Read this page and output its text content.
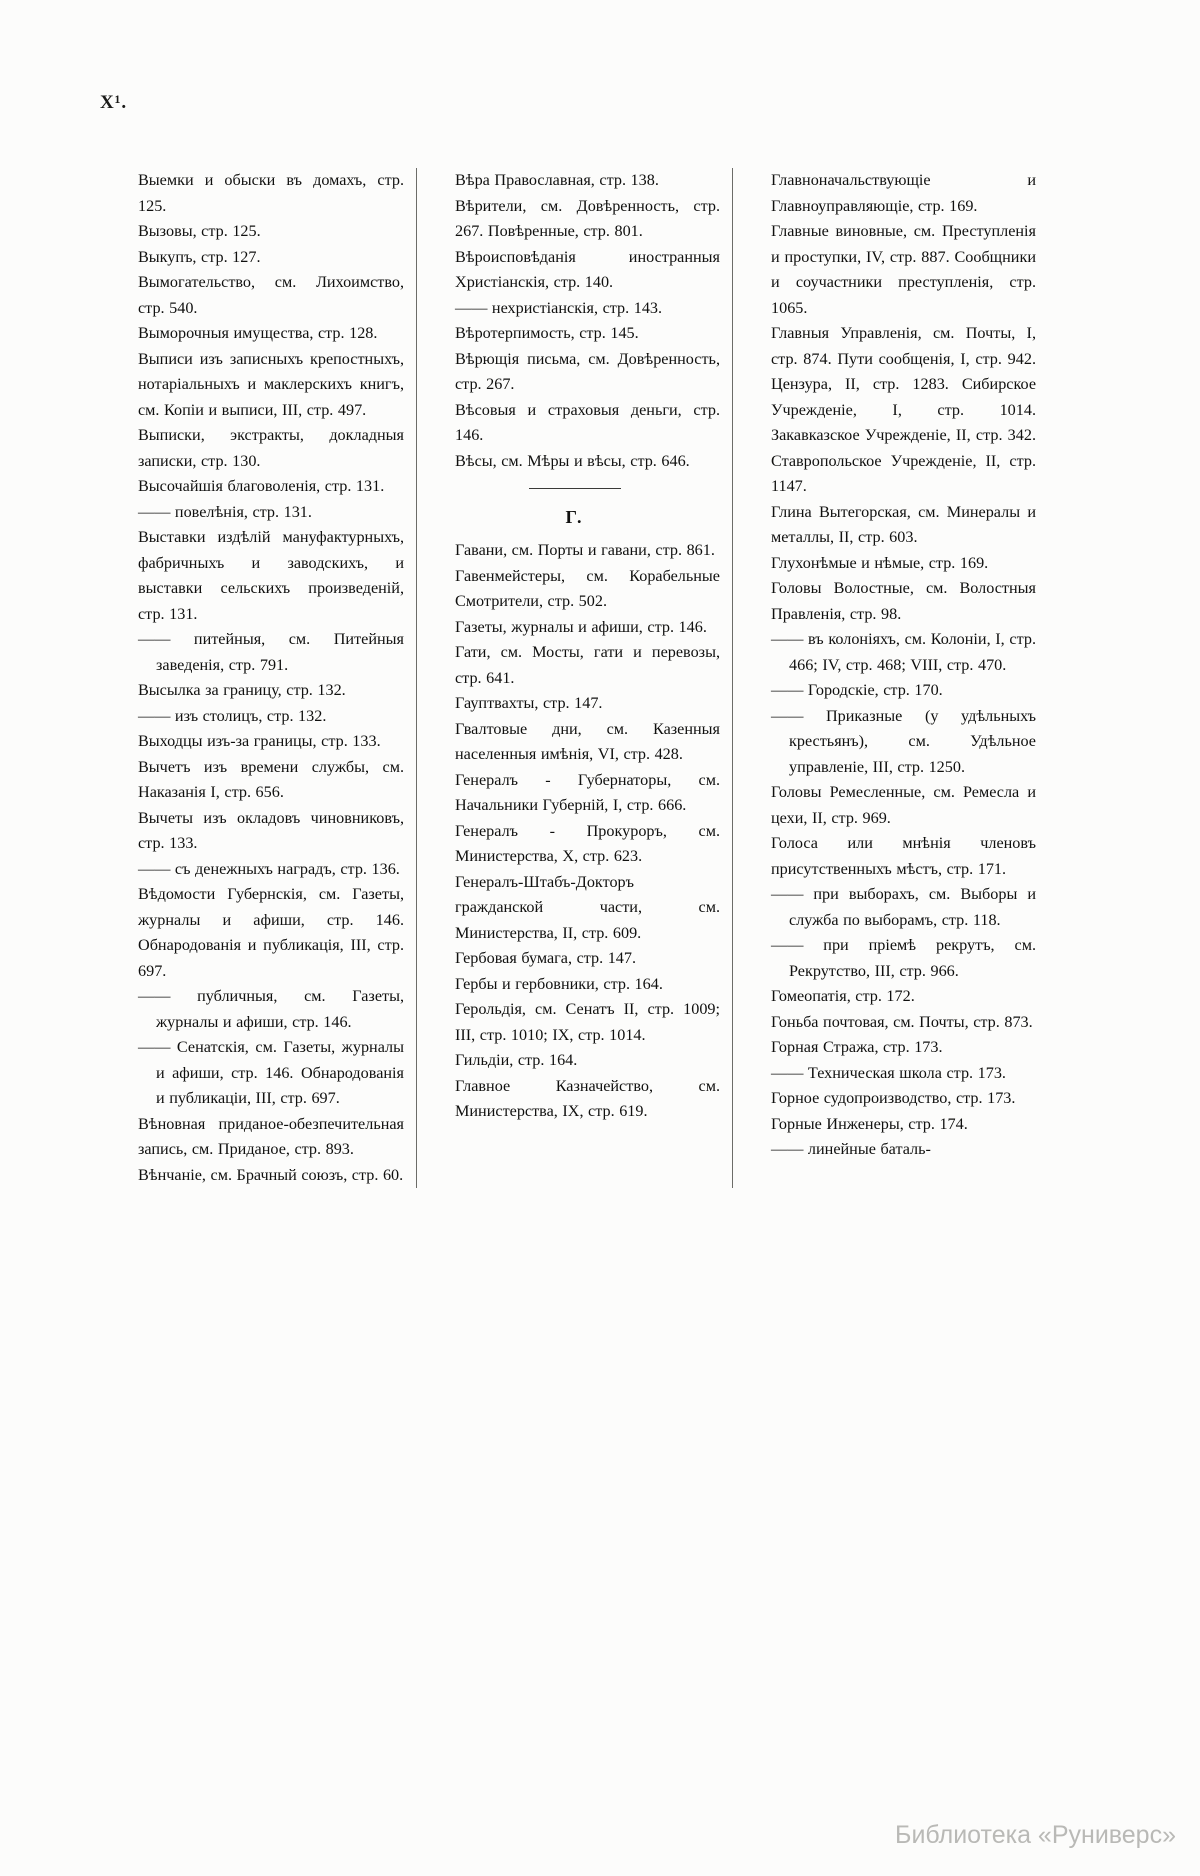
X¹.

Выемки и обыски въ домахъ, стр. 125.

Вызовы, стр. 125.

Выкупъ, стр. 127.

Вымогательство, см. Лихоимство, стр. 540.

Выморочныя имущества, стр. 128.

Выписи изъ записныхъ крепостныхъ, нотаріальныхъ и маклерскихъ книгъ, см. Копіи и выписи, III, стр. 497.

Выписки, экстракты, докладныя записки, стр. 130.

Высочайшія благоволенія, стр. 131.

—— повелѣнія, стр. 131.

Выставки издѣлій мануфактурныхъ, фабричныхъ и заводскихъ, и выставки сельскихъ произведеній, стр. 131.

—— питейныя, см. Питейныя заведенія, стр. 791.

Высылка за границу, стр. 132.

—— изъ столицъ, стр. 132.

Выходцы изъ-за границы, стр. 133.

Вычетъ изъ времени службы, см. Наказанія I, стр. 656.

Вычеты изъ окладовъ чиновниковъ, стр. 133.

—— съ денежныхъ наградъ, стр. 136.

Вѣдомости Губернскія, см. Газеты, журналы и афиши, стр. 146. Обнародованія и публикація, III, стр. 697.

—— публичныя, см. Газеты, журналы и афиши, стр. 146.

—— Сенатскія, см. Газеты, журналы и афиши, стр. 146. Обнародованія и публикаціи, III, стр. 697.

Вѣновная приданое-обезпечительная запись, см. Приданое, стр. 893.

Вѣнчаніе, см. Брачный союзъ, стр. 60.

Вѣра Православная, стр. 138.

Вѣрители, см. Довѣренность, стр. 267. Повѣренные, стр. 801.

Вѣроисповѣданія иностранныя Христіанскія, стр. 140.

—— нехристіанскія, стр. 143.

Вѣротерпимость, стр. 145.

Вѣрющія письма, см. Довѣренность, стр. 267.

Вѣсовыя и страховыя деньги, стр. 146.

Вѣсы, см. Мѣры и вѣсы, стр. 646.

Г.

Гавани, см. Порты и гавани, стр. 861.

Гавенмейстеры, см. Корабельные Смотрители, стр. 502.

Газеты, журналы и афиши, стр. 146.

Гати, см. Мосты, гати и перевозы, стр. 641.

Гауптвахты, стр. 147.

Гвалтовые дни, см. Казенныя населенныя имѣнія, VI, стр. 428.

Генералъ - Губернаторы, см. Начальники Губерній, I, стр. 666.

Генералъ - Прокуроръ, см. Министерства, X, стр. 623.

Генералъ-Штабъ-Докторъ гражданской части, см. Министерства, II, стр. 609.

Гербовая бумага, стр. 147.

Гербы и гербовники, стр. 164.

Герольдія, см. Сенатъ II, стр. 1009; III, стр. 1010; IX, стр. 1014.

Гильдіи, стр. 164.

Главное Казначейство, см. Министерства, IX, стр. 619.

Главноначальствующіе и Главноуправляющіе, стр. 169.

Главные виновные, см. Преступленія и проступки, IV, стр. 887. Сообщники и соучастники преступленія, стр. 1065.

Главныя Управленія, см. Почты, I, стр. 874. Пути сообщенія, I, стр. 942. Цензура, II, стр. 1283. Сибирское Учрежденіе, I, стр. 1014. Закавказское Учрежденіе, II, стр. 342. Ставропольское Учрежденіе, II, стр. 1147.

Глина Вытегорская, см. Минералы и металлы, II, стр. 603.

Глухонѣмые и нѣмые, стр. 169.

Головы Волостные, см. Волостныя Правленія, стр. 98.

—— въ колоніяхъ, см. Колоніи, I, стр. 466; IV, стр. 468; VIII, стр. 470.

—— Городскіе, стр. 170.

—— Приказные (у удѣльныхъ крестьянъ), см. Удѣльное управленіе, III, стр. 1250.

Головы Ремесленные, см. Ремесла и цехи, II, стр. 969.

Голоса или мнѣнія членовъ присутственныхъ мѣстъ, стр. 171.

—— при выборахъ, см. Выборы и служба по выборамъ, стр. 118.

—— при пріемѣ рекрутъ, см. Рекрутство, III, стр. 966.

Гомеопатія, стр. 172.

Гоньба почтовая, см. Почты, стр. 873.

Горная Стража, стр. 173.

—— Техническая школа стр. 173.

Горное судопроизводство, стр. 173.

Горные Инженеры, стр. 174.

—— линейные баталь-

Библиотека «Руниверс»
